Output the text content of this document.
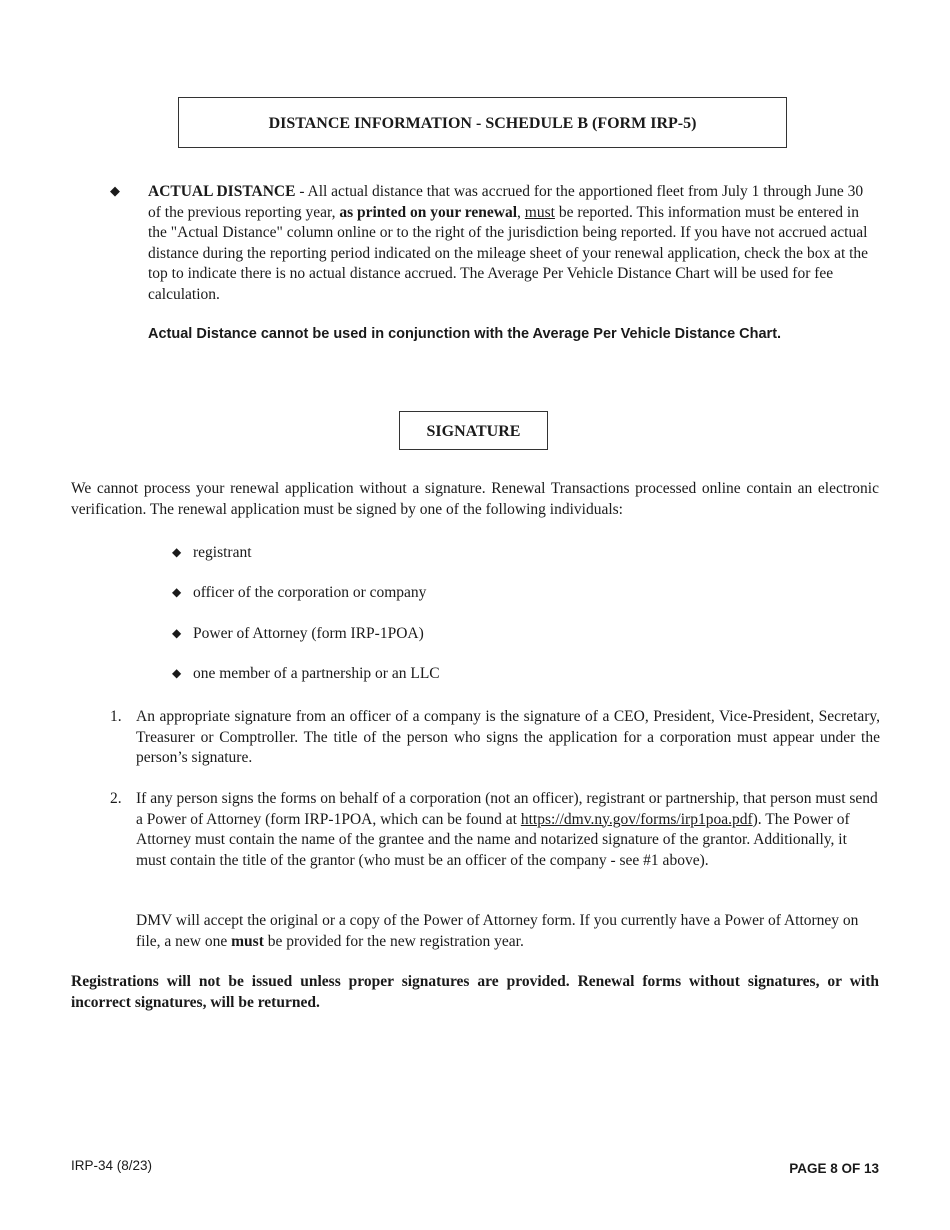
DISTANCE INFORMATION - SCHEDULE B (FORM IRP-5)
◆ ACTUAL DISTANCE - All actual distance that was accrued for the apportioned fleet from July 1 through June 30 of the previous reporting year, as printed on your renewal, must be reported. This information must be entered in the "Actual Distance" column online or to the right of the jurisdiction being reported. If you have not accrued actual distance during the reporting period indicated on the mileage sheet of your renewal application, check the box at the top to indicate there is no actual distance accrued. The Average Per Vehicle Distance Chart will be used for fee calculation.
Actual Distance cannot be used in conjunction with the Average Per Vehicle Distance Chart.
SIGNATURE
We cannot process your renewal application without a signature. Renewal Transactions processed online contain an electronic verification. The renewal application must be signed by one of the following individuals:
◆ registrant
◆ officer of the corporation or company
◆ Power of Attorney (form IRP-1POA)
◆ one member of a partnership or an LLC
1. An appropriate signature from an officer of a company is the signature of a CEO, President, Vice-President, Secretary, Treasurer or Comptroller. The title of the person who signs the application for a corporation must appear under the person’s signature.
2. If any person signs the forms on behalf of a corporation (not an officer), registrant or partnership, that person must send a Power of Attorney (form IRP-1POA, which can be found at https://dmv.ny.gov/forms/irp1poa.pdf). The Power of Attorney must contain the name of the grantee and the name and notarized signature of the grantor. Additionally, it must contain the title of the grantor (who must be an officer of the company - see #1 above).
DMV will accept the original or a copy of the Power of Attorney form. If you currently have a Power of Attorney on file, a new one must be provided for the new registration year.
Registrations will not be issued unless proper signatures are provided. Renewal forms without signatures, or with incorrect signatures, will be returned.
IRP-34 (8/23)	PAGE 8 OF 13
